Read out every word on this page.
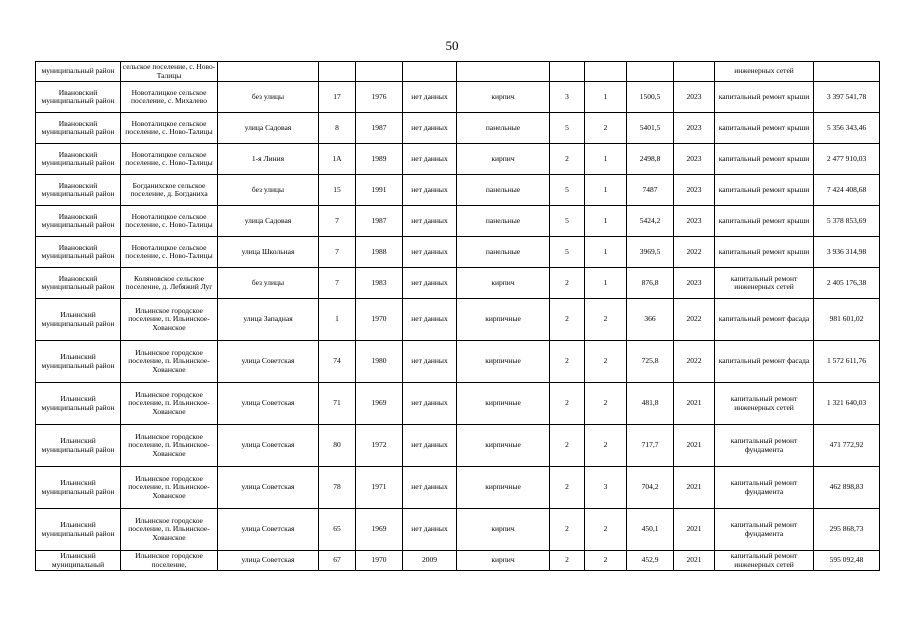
50
муниципальный район	сельское поселение, с. Ново-Талицы										инженерных сетей	
Ивановский муниципальный район	Новоталицкое сельское поселение, с. Михалево	без улицы	17	1976	нет данных	кирпич	3	1	1500,5	2023	капитальный ремонт крыши	3 397 541,78
Ивановский муниципальный район	Новоталицкое сельское поселение, с. Ново-Талицы	улица Садовая	8	1987	нет данных	панельные	5	2	5401,5	2023	капитальный ремонт крыши	5 356 343,46
Ивановский муниципальный район	Новоталицкое сельское поселение, с. Ново-Талицы	1-я Линия	1А	1989	нет данных	кирпич	2	1	2498,8	2023	капитальный ремонт крыши	2 477 910,03
Ивановский муниципальный район	Богданихское сельское поселение, д. Богданиха	без улицы	15	1991	нет данных	панельные	5	1	7487	2023	капитальный ремонт крыши	7 424 408,68
Ивановский муниципальный район	Новоталицкое сельское поселение, с. Ново-Талицы	улица Садовая	7	1987	нет данных	панельные	5	1	5424,2	2023	капитальный ремонт крыши	5 378 853,69
Ивановский муниципальный район	Новоталицкое сельское поселение, с. Ново-Талицы	улица Школьная	7	1988	нет данных	панельные	5	1	3969,5	2022	капитальный ремонт крыши	3 936 314,98
Ивановский муниципальный район	Коляновское сельское поселение, д. Лебяжий Луг	без улицы	7	1983	нет данных	кирпич	2	1	876,8	2023	капитальный ремонт инженерных сетей	2 405 176,38
Ильинский муниципальный район	Ильинское городское поселение, п. Ильинское-Хованское	улица Западная	1	1970	нет данных	кирпичные	2	2	366	2022	капитальный ремонт фасада	981 601,02
Ильинский муниципальный район	Ильинское городское поселение, п. Ильинское-Хованское	улица Советская	74	1980	нет данных	кирпичные	2	2	725,8	2022	капитальный ремонт фасада	1 572 611,76
Ильинский муниципальный район	Ильинское городское поселение, п. Ильинское-Хованское	улица Советская	71	1969	нет данных	кирпичные	2	2	481,8	2021	капитальный ремонт инженерных сетей	1 321 640,03
Ильинский муниципальный район	Ильинское городское поселение, п. Ильинское-Хованское	улица Советская	80	1972	нет данных	кирпичные	2	2	717,7	2021	капитальный ремонт фундамента	471 772,92
Ильинский муниципальный район	Ильинское городское поселение, п. Ильинское-Хованское	улица Советская	78	1971	нет данных	кирпичные	2	3	704,2	2021	капитальный ремонт фундамента	462 898,83
Ильинский муниципальный район	Ильинское городское поселение, п. Ильинское-Хованское	улица Советская	65	1969	нет данных	кирпич	2	2	450,1	2021	капитальный ремонт фундамента	295 868,73
Ильинский муниципальный	Ильинское городское поселение,	улица Советская	67	1970	2009	кирпич	2	2	452,9	2021	капитальный ремонт инженерных сетей	595 092,48
